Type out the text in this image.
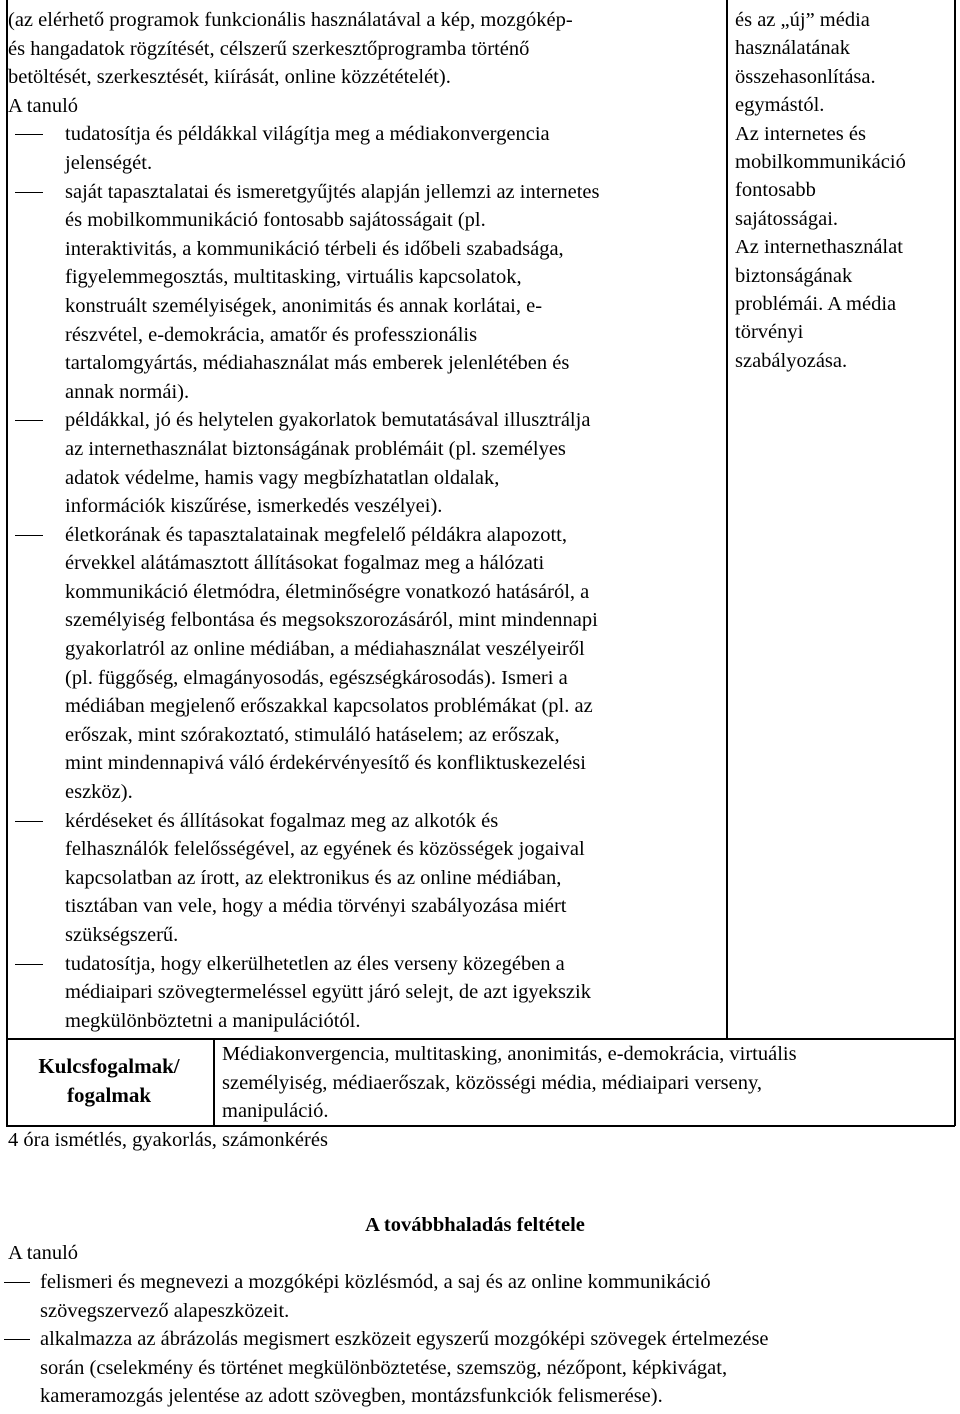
(az elérhető programok funkcionális használatával a kép, mozgókép-
és hangadatok rögzítését, célszerű szerkesztőprogramba történő
betöltését, szerkesztését, kiírását, online közzétételét).
A tanuló
tudatosítja és példákkal világítja meg a médiakonvergencia
jelenségét.
saját tapasztalatai és ismeretgyűjtés alapján jellemzi az internetes
és mobilkommunikáció fontosabb sajátosságait (pl.
interaktivitás, a kommunikáció térbeli és időbeli szabadsága,
figyelemmegosztás, multitasking, virtuális kapcsolatok,
konstruált személyiségek, anonimitás és annak korlátai, e-
részvétel, e-demokrácia, amatőr és professzionális
tartalomgyártás, médiahasználat más emberek jelenlétében és
annak normái).
példákkal, jó és helytelen gyakorlatok bemutatásával illusztrálja
az internethasználat biztonságának problémáit (pl. személyes
adatok védelme, hamis vagy megbízhatatlan oldalak,
információk kiszűrése, ismerkedés veszélyei).
életkorának és tapasztalatainak megfelelő példákra alapozott,
érvekkel alátámasztott állításokat fogalmaz meg a hálózati
kommunikáció életmódra, életminőségre vonatkozó hatásáról, a
személyiség felbontása és megsokszorozásáról, mint mindennapi
gyakorlatról az online médiában, a médiahasználat veszélyeiről
(pl. függőség, elmagányosodás, egészségkárosodás). Ismeri a
médiában megjelenő erőszakkal kapcsolatos problémákat (pl. az
erőszak, mint szórakoztató, stimuláló hatáselem; az erőszak,
mint mindennapivá váló érdekérvényesítő és konfliktuskezelési
eszköz).
kérdéseket és állításokat fogalmaz meg az alkotók és
felhasználók felelősségével, az egyének és közösségek jogaival
kapcsolatban az írott, az elektronikus és az online médiában,
tisztában van vele, hogy a média törvényi szabályozása miért
szükségszerű.
tudatosítja, hogy elkerülhetetlen az éles verseny közegében a
médiaipari szövegtermeléssel együtt járó selejt, de azt igyekszik
megkülönböztetni a manipulációtól.
és az „új” média
használatának
összehasonlítása.
egymástól.
Az internetes és
mobilkommunikáció
fontosabb
sajátosságai.
Az internethasználat
biztonságának
problémái. A média
törvényi
szabályozása.
Kulcsfogalmak/
fogalmak
Médiakonvergencia, multitasking, anonimitás, e-demokrácia, virtuális
személyiség, médiaerőszak, közösségi média, médiaipari verseny,
manipuláció.
4 óra ismétlés, gyakorlás, számonkérés
A továbbhaladás feltétele
A tanuló
felismeri és megnevezi a mozgóképi közlésmód, a saj és az online kommunikáció
szövegszervező alapeszközeit.
alkalmazza az ábrázolás megismert eszközeit egyszerű mozgóképi szövegek értelmezése
során (cselekmény és történet megkülönböztetése, szemszög, nézőpont, képkivágat,
kameramozgás jelentése az adott szövegben, montázsfunkciók felismerése).
